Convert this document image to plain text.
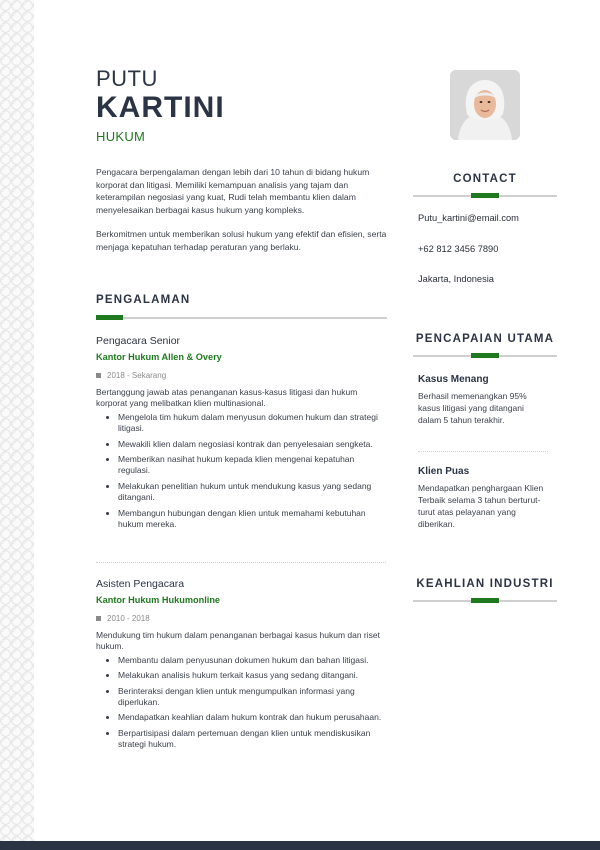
PUTU
KARTINI
HUKUM

Pengacara berpengalaman dengan lebih dari 10 tahun di bidang hukum korporat dan litigasi. Memiliki kemampuan analisis yang tajam dan keterampilan negosiasi yang kuat, Rudi telah membantu klien dalam menyelesaikan berbagai kasus hukum yang kompleks.

Berkomitmen untuk memberikan solusi hukum yang efektif dan efisien, serta menjaga kepatuhan terhadap peraturan yang berlaku.

PENGALAMAN
Pengacara Senior
Kantor Hukum Allen & Overy
2018 - Sekarang
Bertanggung jawab atas penanganan kasus-kasus litigasi dan hukum korporat yang melibatkan klien multinasional.
• Mengelola tim hukum dalam menyusun dokumen hukum dan strategi litigasi.
• Mewakili klien dalam negosiasi kontrak dan penyelesaian sengketa.
• Memberikan nasihat hukum kepada klien mengenai kepatuhan regulasi.
• Melakukan penelitian hukum untuk mendukung kasus yang sedang ditangani.
• Membangun hubungan dengan klien untuk memahami kebutuhan hukum mereka.
Asisten Pengacara
Kantor Hukum Hukumonline
2010 - 2018
Mendukung tim hukum dalam penanganan berbagai kasus hukum dan riset hukum.
• Membantu dalam penyusunan dokumen hukum dan bahan litigasi.
• Melakukan analisis hukum terkait kasus yang sedang ditangani.
• Berinteraksi dengan klien untuk mengumpulkan informasi yang diperlukan.
• Mendapatkan keahlian dalam hukum kontrak dan hukum perusahaan.
• Berpartisipasi dalam pertemuan dengan klien untuk mendiskusikan strategi hukum.
CONTACT
Putu_kartini@email.com
+62 812 3456 7890
Jakarta, Indonesia
PENCAPAIAN UTAMA
Kasus Menang
Berhasil memenangkan 95% kasus litigasi yang ditangani dalam 5 tahun terakhir.
Klien Puas
Mendapatkan penghargaan Klien Terbaik selama 3 tahun berturut-turut atas pelayanan yang diberikan.
KEAHLIAN INDUSTRI
